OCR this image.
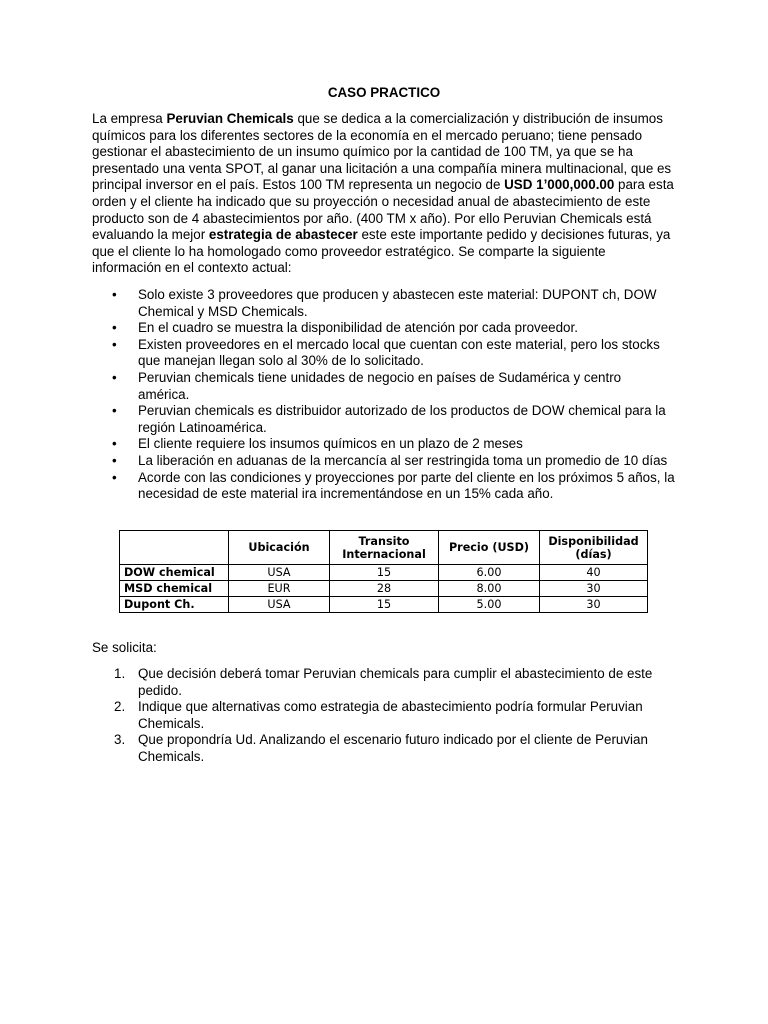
CASO PRACTICO

La empresa Peruvian Chemicals que se dedica a la comercialización y distribución de insumos químicos para los diferentes sectores de la economía en el mercado peruano; tiene pensado gestionar el abastecimiento de un insumo químico por la cantidad de 100 TM, ya que se ha presentado una venta SPOT, al ganar una licitación a una compañía minera multinacional, que es principal inversor en el país. Estos 100 TM representa un negocio de USD 1’000,000.00 para esta orden y el cliente ha indicado que su proyección o necesidad anual de abastecimiento de este producto son de 4 abastecimientos por año. (400 TM x año). Por ello Peruvian Chemicals está evaluando la mejor estrategia de abastecer este este importante pedido y decisiones futuras, ya que el cliente lo ha homologado como proveedor estratégico. Se comparte la siguiente información en el contexto actual:

• Solo existe 3 proveedores que producen y abastecen este material: DUPONT ch, DOW Chemical y MSD Chemicals.
• En el cuadro se muestra la disponibilidad de atención por cada proveedor.
• Existen proveedores en el mercado local que cuentan con este material, pero los stocks que manejan llegan solo al 30% de lo solicitado.
• Peruvian chemicals tiene unidades de negocio en países de Sudamérica y centro américa.
• Peruvian chemicals es distribuidor autorizado de los productos de DOW chemical para la región Latinoamérica.
• El cliente requiere los insumos químicos en un plazo de 2 meses
• La liberación en aduanas de la mercancía al ser restringida toma un promedio de 10 días
• Acorde con las condiciones y proyecciones por parte del cliente en los próximos 5 años, la necesidad de este material ira incrementándose en un 15% cada año.
	Ubicación	Transito Internacional	Precio (USD)	Disponibilidad (días)
DOW chemical	USA	15	6.00	40
MSD chemical	EUR	28	8.00	30
Dupont Ch.	USA	15	5.00	30

Se solicita:

1. Que decisión deberá tomar Peruvian chemicals para cumplir el abastecimiento de este pedido.
2. Indique que alternativas como estrategia de abastecimiento podría formular Peruvian Chemicals.
3. Que propondría Ud. Analizando el escenario futuro indicado por el cliente de Peruvian Chemicals.
